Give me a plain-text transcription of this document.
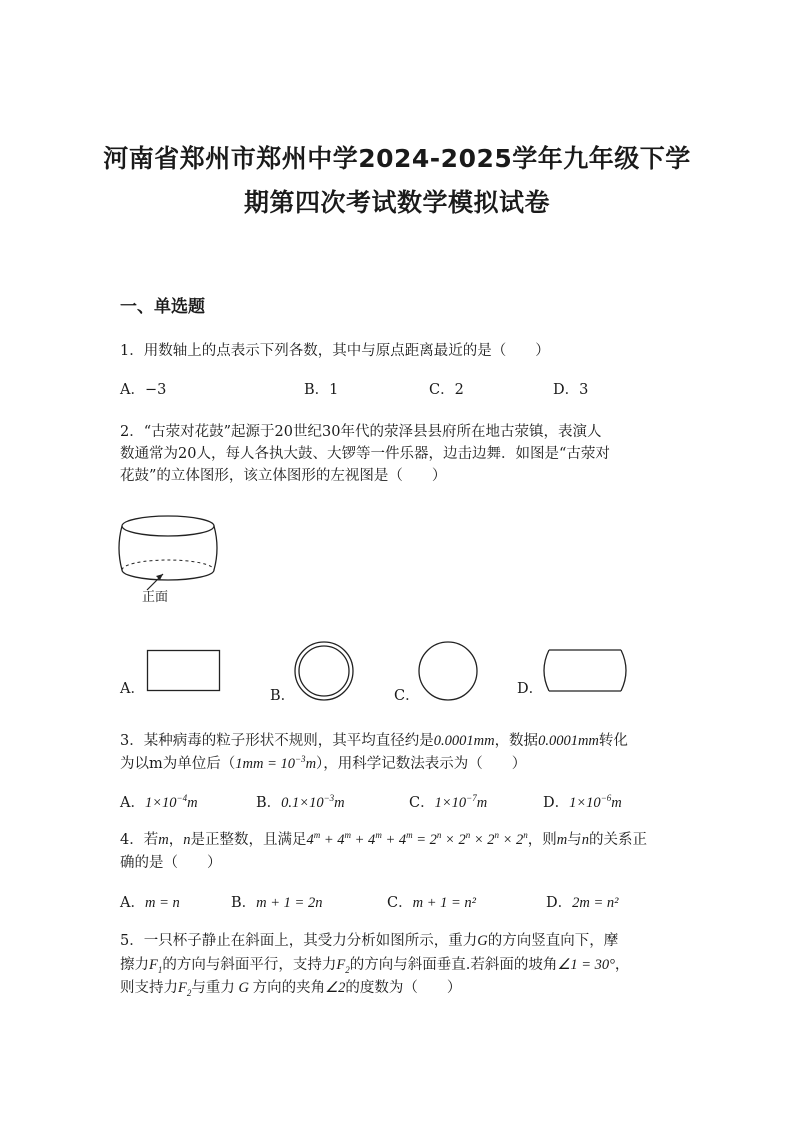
河南省郑州市郑州中学2024-2025学年九年级下学
期第四次考试数学模拟试卷
一、单选题
1．用数轴上的点表示下列各数，其中与原点距离最近的是（　　）
A．−3	B．1	C．2	D．3
2．“古荥对花鼓”起源于20世纪30年代的荥泽县县府所在地古荥镇，表演人
数通常为20人，每人各执大鼓、大锣等一件乐器，边击边舞．如图是“古荥对
花鼓”的立体图形，该立体图形的左视图是（　　）
正面
A．	B．	C．	D．
3．某种病毒的粒子形状不规则，其平均直径约是0.0001mm，数据0.0001mm转化
为以m为单位后$(1mm = 10^{-3}m)$，用科学记数法表示为（　　）
A．$1\times 10^{-4}m$	B．$0.1\times 10^{-3}m$	C．$1\times 10^{-7}m$	D．$1\times 10^{-6}m$
4．若m，n是正整数，且满足$4^m + 4^m + 4^m + 4^m = 2^n \times 2^n \times 2^n \times 2^n$，则m与n的关系正
确的是（　　）
A．m = n	B．m + 1 = 2n	C．m + 1 = n²	D．2m = n²
5．一只杯子静止在斜面上，其受力分析如图所示，重力G的方向竖直向下，摩
擦力$F_1$的方向与斜面平行，支持力$F_2$的方向与斜面垂直.若斜面的坡角∠1 = 30°，
则支持力$F_2$与重力 G 方向的夹角∠2的度数为（　　）
